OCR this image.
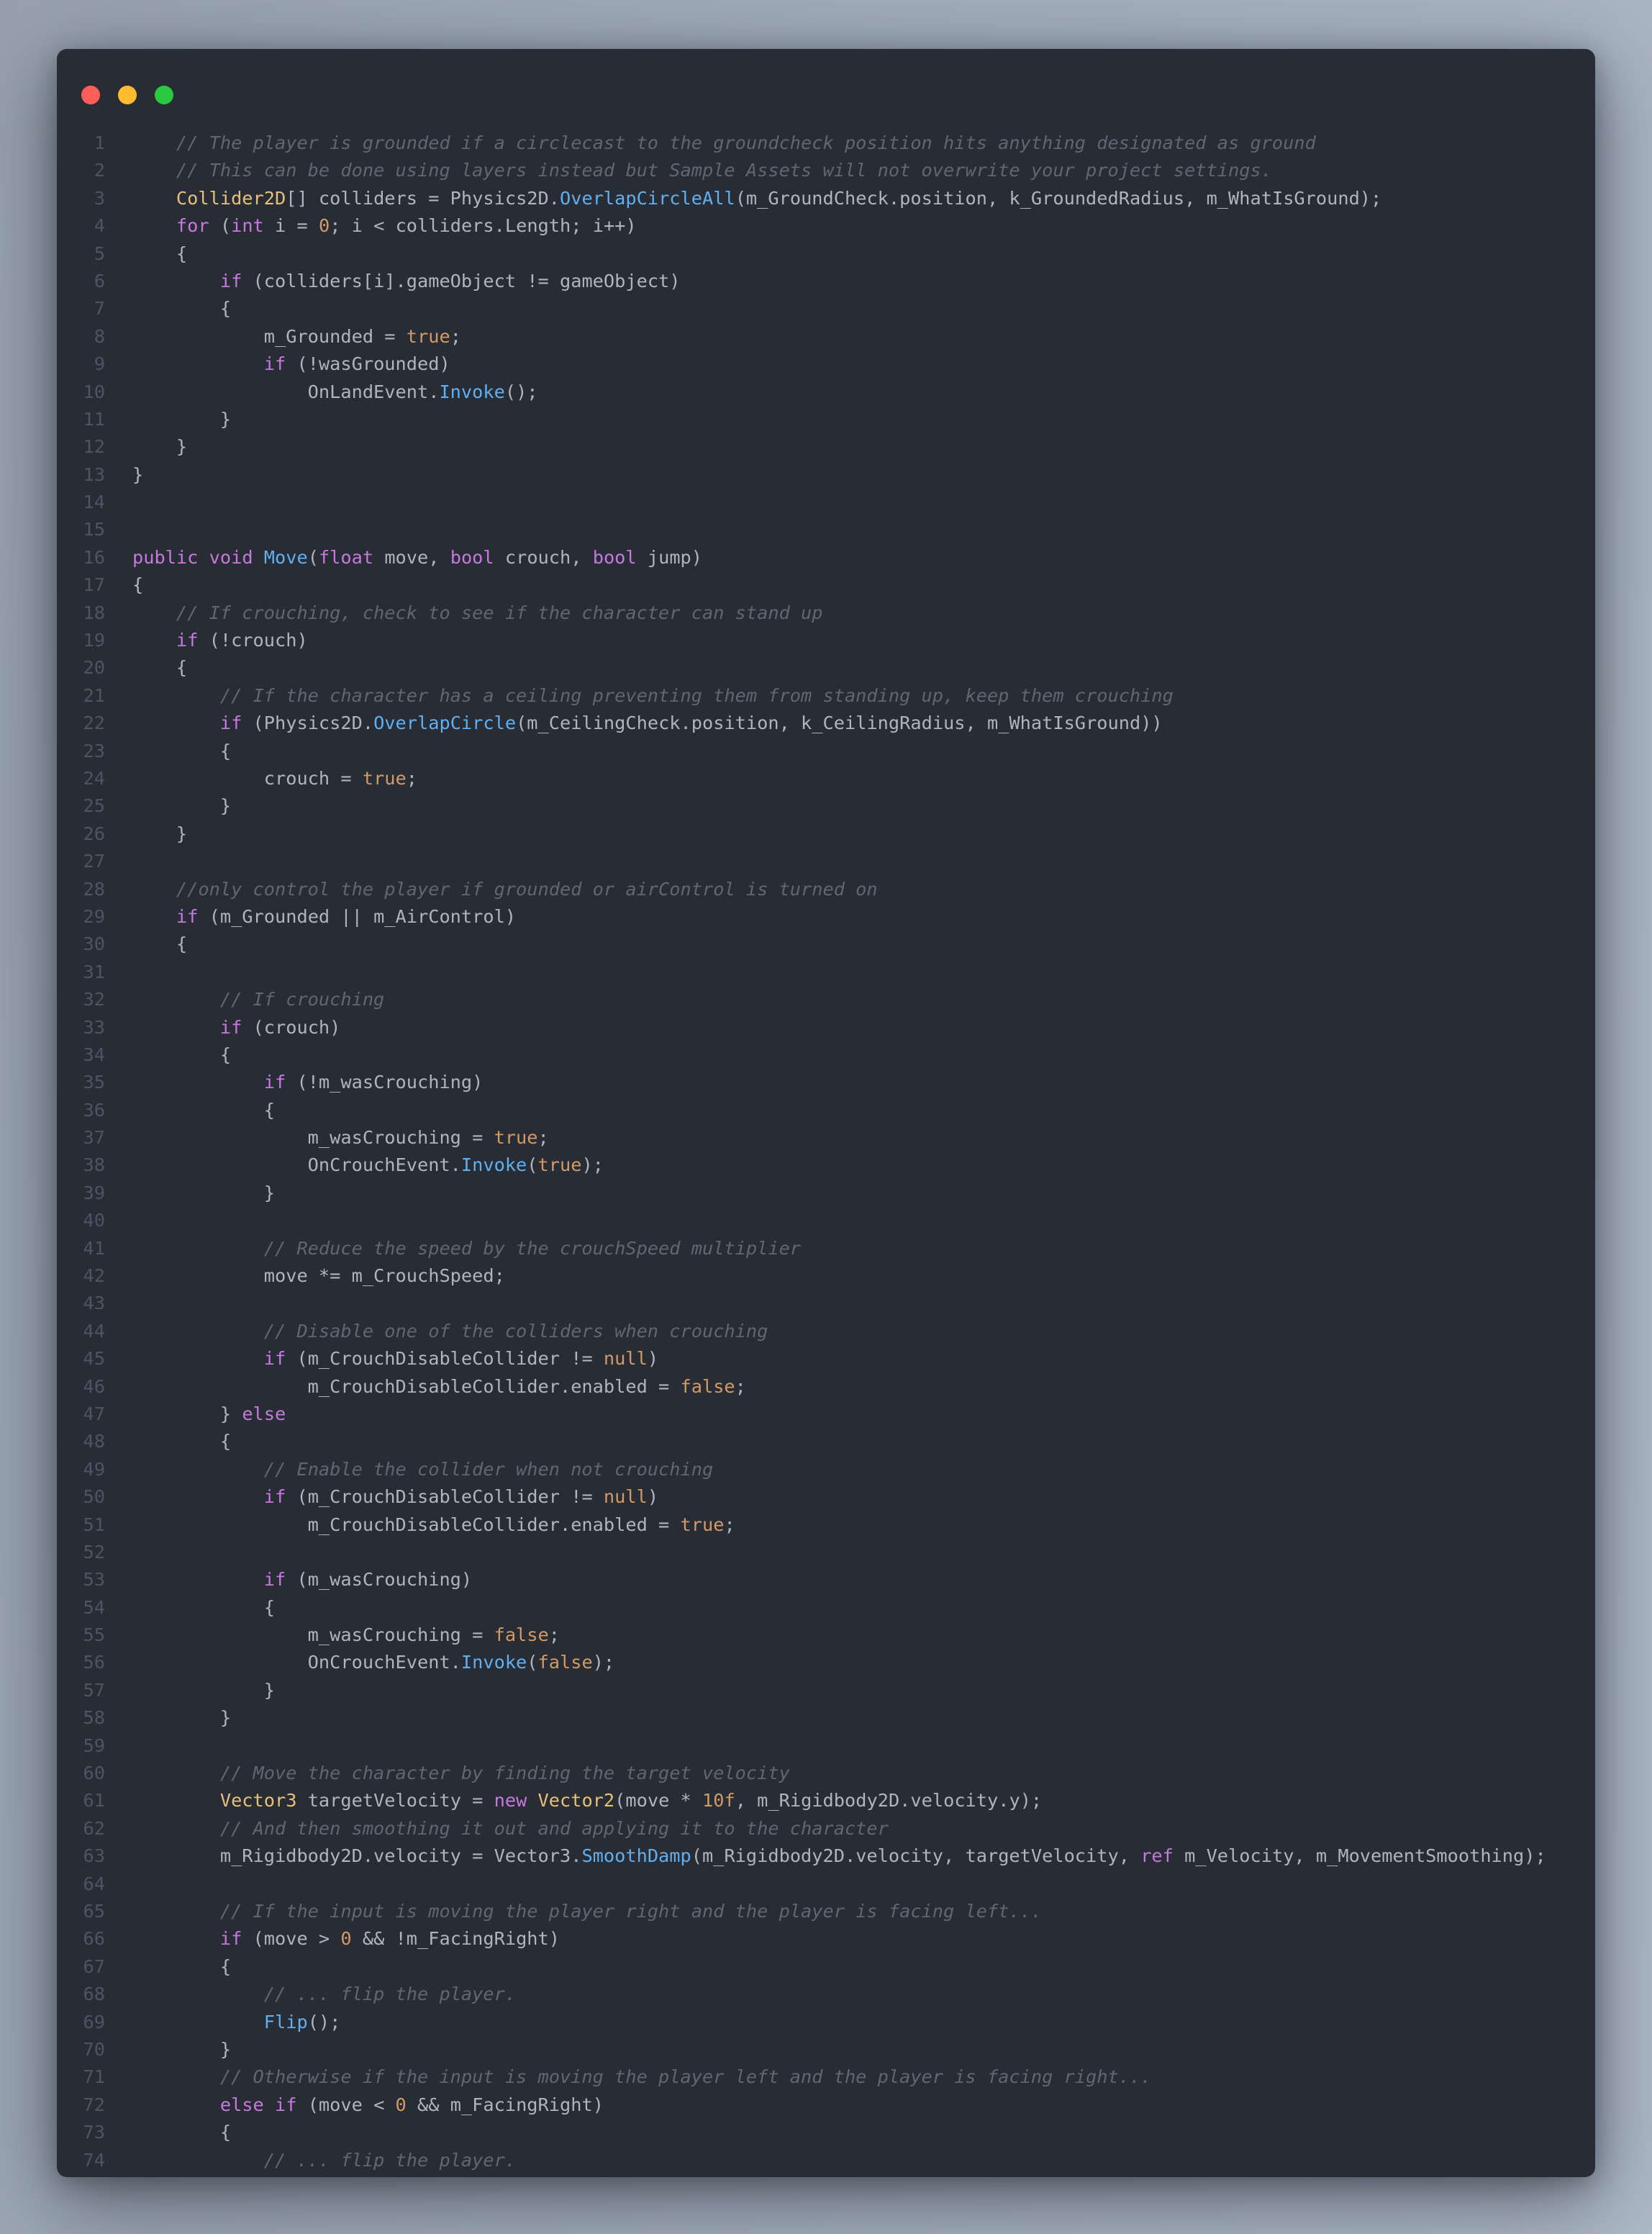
1	// The player is grounded if a circlecast to the groundcheck position hits anything designated as ground
2	// This can be done using layers instead but Sample Assets will not overwrite your project settings.
3	Collider2D[] colliders = Physics2D.OverlapCircleAll(m_GroundCheck.position, k_GroundedRadius, m_WhatIsGround);
4	for (int i = 0; i < colliders.Length; i++)
5	{
6	if (colliders[i].gameObject != gameObject)
7	{
8	m_Grounded = true;
9	if (!wasGrounded)
10	OnLandEvent.Invoke();
11	}
12	}
13	}
14
15
16	public void Move(float move, bool crouch, bool jump)
17	{
18	// If crouching, check to see if the character can stand up
19	if (!crouch)
20	{
21	// If the character has a ceiling preventing them from standing up, keep them crouching
22	if (Physics2D.OverlapCircle(m_CeilingCheck.position, k_CeilingRadius, m_WhatIsGround))
23	{
24	crouch = true;
25	}
26	}
27
28	//only control the player if grounded or airControl is turned on
29	if (m_Grounded || m_AirControl)
30	{
31
32	// If crouching
33	if (crouch)
34	{
35	if (!m_wasCrouching)
36	{
37	m_wasCrouching = true;
38	OnCrouchEvent.Invoke(true);
39	}
40
41	// Reduce the speed by the crouchSpeed multiplier
42	move *= m_CrouchSpeed;
43
44	// Disable one of the colliders when crouching
45	if (m_CrouchDisableCollider != null)
46	m_CrouchDisableCollider.enabled = false;
47	} else
48	{
49	// Enable the collider when not crouching
50	if (m_CrouchDisableCollider != null)
51	m_CrouchDisableCollider.enabled = true;
52
53	if (m_wasCrouching)
54	{
55	m_wasCrouching = false;
56	OnCrouchEvent.Invoke(false);
57	}
58	}
59
60	// Move the character by finding the target velocity
61	Vector3 targetVelocity = new Vector2(move * 10f, m_Rigidbody2D.velocity.y);
62	// And then smoothing it out and applying it to the character
63	m_Rigidbody2D.velocity = Vector3.SmoothDamp(m_Rigidbody2D.velocity, targetVelocity, ref m_Velocity, m_MovementSmoothing);
64
65	// If the input is moving the player right and the player is facing left...
66	if (move > 0 && !m_FacingRight)
67	{
68	// ... flip the player.
69	Flip();
70	}
71	// Otherwise if the input is moving the player left and the player is facing right...
72	else if (move < 0 && m_FacingRight)
73	{
74	// ... flip the player.
